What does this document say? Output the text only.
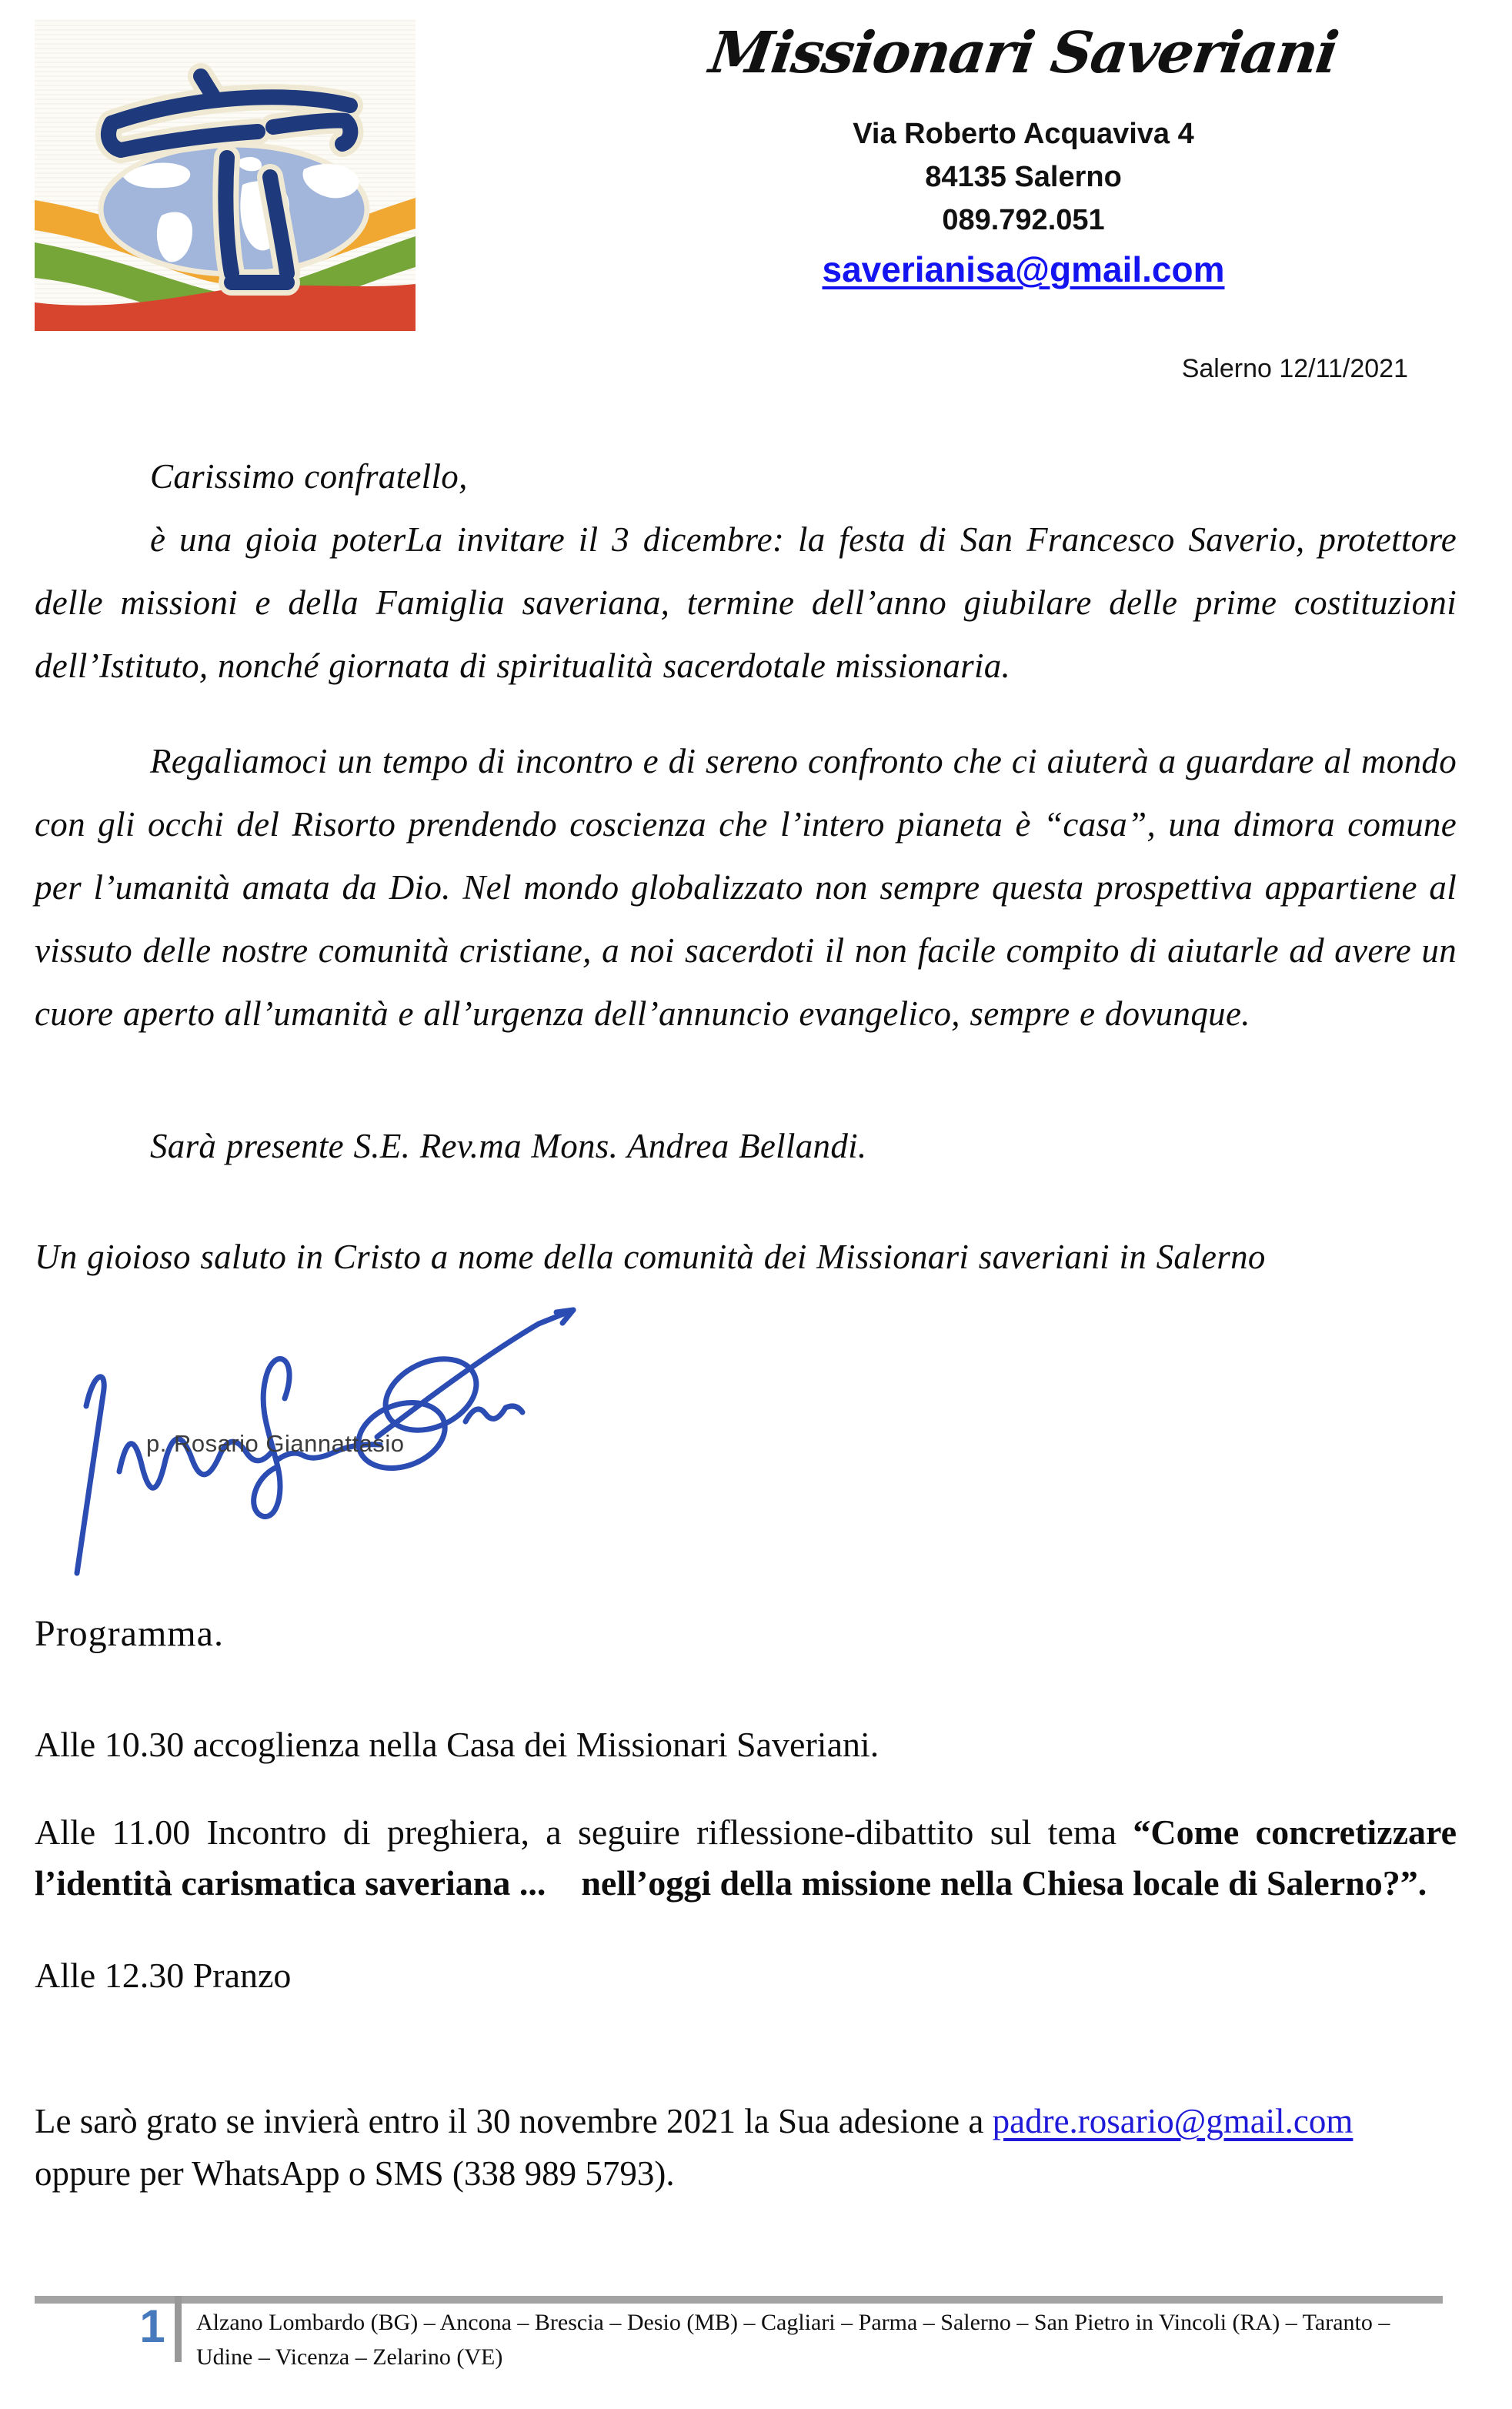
Missionari Saveriani
Via Roberto Acquaviva 4
84135 Salerno
089.792.051
saverianisa@gmail.com
Salerno 12/11/2021
Carissimo confratello,
è una gioia poterLa invitare il 3 dicembre: la festa di San Francesco Saverio, protettore delle missioni e della Famiglia saveriana, termine dell’anno giubilare delle prime costituzioni dell’Istituto, nonché giornata di spiritualità sacerdotale missionaria.
Regaliamoci un tempo di incontro e di sereno confronto che ci aiuterà a guardare al mondo con gli occhi del Risorto prendendo coscienza che l’intero pianeta è “casa”, una dimora comune per l’umanità amata da Dio. Nel mondo globalizzato non sempre questa prospettiva appartiene al vissuto delle nostre comunità cristiane, a noi sacerdoti il non facile compito di aiutarle ad avere un cuore aperto all’umanità e all’urgenza dell’annuncio evangelico, sempre e dovunque.
Sarà presente S.E. Rev.ma Mons. Andrea Bellandi.
Un gioioso saluto in Cristo a nome della comunità dei Missionari saveriani in Salerno
p. Rosario Giannattasio
Programma.
Alle 10.30 accoglienza nella Casa dei Missionari Saveriani.
Alle 11.00 Incontro di preghiera, a seguire riflessione-dibattito sul tema “Come concretizzare l’identità carismatica saveriana ...    nell’oggi della missione nella Chiesa locale di Salerno?”.
Alle 12.30 Pranzo
Le sarò grato se invierà entro il 30 novembre 2021 la Sua adesione a padre.rosario@gmail.com oppure per WhatsApp o SMS (338 989 5793).
1	Alzano Lombardo (BG) – Ancona – Brescia – Desio (MB) – Cagliari – Parma – Salerno – San Pietro in Vincoli (RA) – Taranto – Udine – Vicenza – Zelarino (VE)
